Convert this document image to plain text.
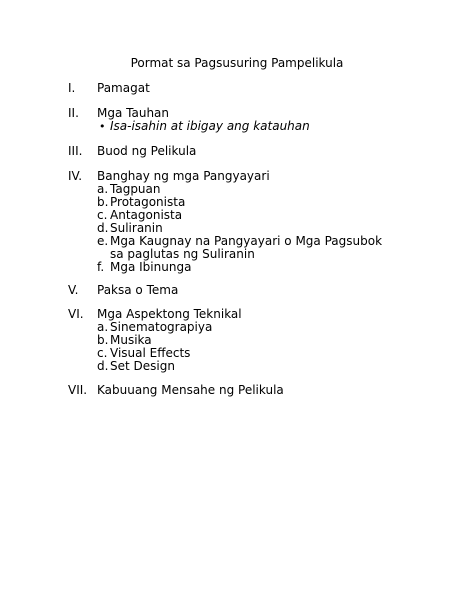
Pormat sa Pagsusuring Pampelikula
I.	Pamagat
II.	Mga Tauhan
• Isa-isahin at ibigay ang katauhan
III.	Buod ng Pelikula
IV.	Banghay ng mga Pangyayari
a. Tagpuan
b. Protagonista
c. Antagonista
d. Suliranin
e. Mga Kaugnay na Pangyayari o Mga Pagsubok sa paglutas ng Suliranin
f. Mga Ibinunga
V.	Paksa o Tema
VI.	Mga Aspektong Teknikal
a. Sinematograpiya
b. Musika
c. Visual Effects
d. Set Design
VII. Kabuuang Mensahe ng Pelikula
